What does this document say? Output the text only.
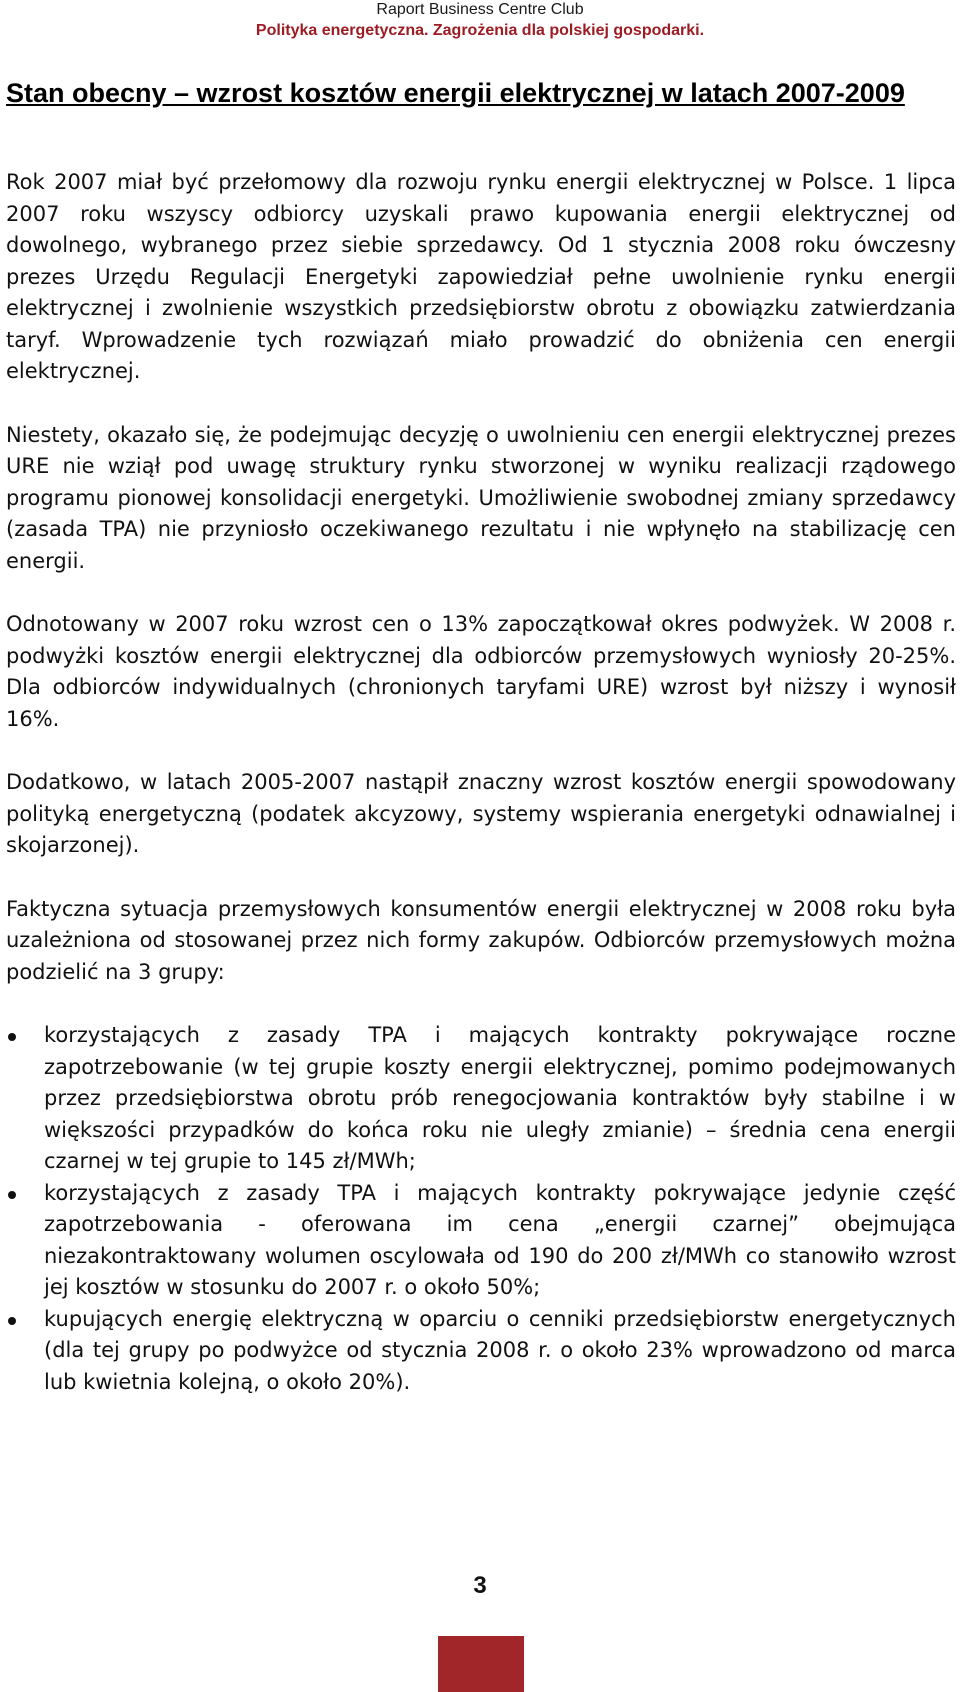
Raport Business Centre Club
Polityka energetyczna. Zagrożenia dla polskiej gospodarki.
Stan obecny – wzrost kosztów energii elektrycznej w latach 2007-2009

Rok 2007 miał być przełomowy dla rozwoju rynku energii elektrycznej w Polsce. 1 lipca 2007 roku wszyscy odbiorcy uzyskali prawo kupowania energii elektrycznej od dowolnego, wybranego przez siebie sprzedawcy. Od 1 stycznia 2008 roku ówczesny prezes Urzędu Regulacji Energetyki zapowiedział pełne uwolnienie rynku energii elektrycznej i zwolnienie wszystkich przedsiębiorstw obrotu z obowiązku zatwierdzania taryf. Wprowadzenie tych rozwiązań miało prowadzić do obniżenia cen energii elektrycznej.

Niestety, okazało się, że podejmując decyzję o uwolnieniu cen energii elektrycznej prezes URE nie wziął pod uwagę struktury rynku stworzonej w wyniku realizacji rządowego programu pionowej konsolidacji energetyki. Umożliwienie swobodnej zmiany sprzedawcy (zasada TPA) nie przyniosło oczekiwanego rezultatu i nie wpłynęło na stabilizację cen energii.

Odnotowany w 2007 roku wzrost cen o 13% zapoczątkował okres podwyżek. W 2008 r. podwyżki kosztów energii elektrycznej dla odbiorców przemysłowych wyniosły 20-25%. Dla odbiorców indywidualnych (chronionych taryfami URE) wzrost był niższy i wynosił 16%.

Dodatkowo, w latach 2005-2007 nastąpił znaczny wzrost kosztów energii spowodowany polityką energetyczną (podatek akcyzowy, systemy wspierania energetyki odnawialnej i skojarzonej).

Faktyczna sytuacja przemysłowych konsumentów energii elektrycznej w 2008 roku była uzależniona od stosowanej przez nich formy zakupów. Odbiorców przemysłowych można podzielić na 3 grupy:

korzystających z zasady TPA i mających kontrakty pokrywające roczne zapotrzebowanie (w tej grupie koszty energii elektrycznej, pomimo podejmowanych przez przedsiębiorstwa obrotu prób renegocjowania kontraktów były stabilne i w większości przypadków do końca roku nie uległy zmianie) – średnia cena energii czarnej w tej grupie to 145 zł/MWh;
korzystających z zasady TPA i mających kontrakty pokrywające jedynie część zapotrzebowania - oferowana im cena „energii czarnej” obejmująca niezakontraktowany wolumen oscylowała od 190 do 200 zł/MWh co stanowiło wzrost jej kosztów w stosunku do 2007 r. o około 50%;
kupujących energię elektryczną w oparciu o cenniki przedsiębiorstw energetycznych (dla tej grupy po podwyżce od stycznia 2008 r. o około 23% wprowadzono od marca lub kwietnia kolejną, o około 20%).
3
